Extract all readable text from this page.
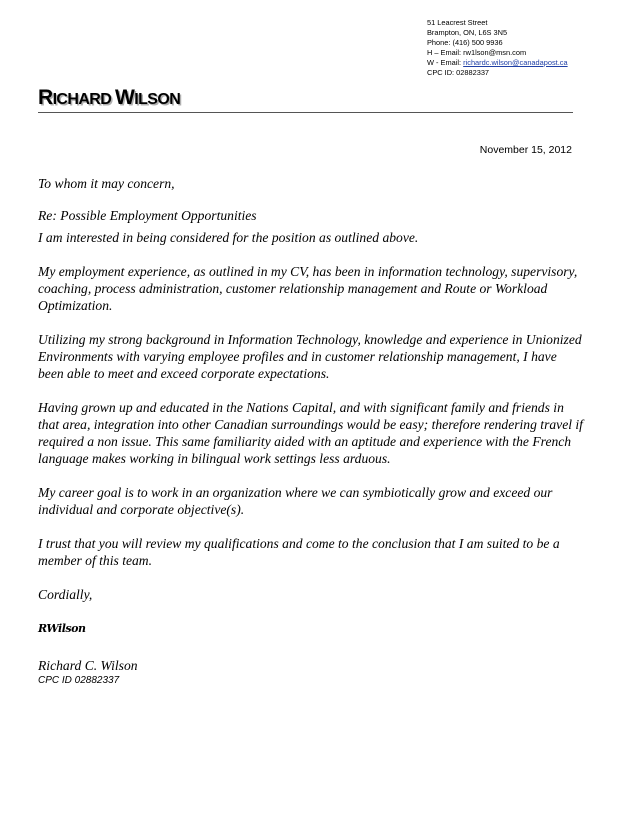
51 Leacrest Street
Brampton, ON, L6S 3N5
Phone: (416) 500 9936
H – Email: rw1lson@msn.com
W - Email: richardc.wilson@canadapost.ca
CPC ID: 02882337
RICHARD WILSON
November 15, 2012

To whom it may concern,

Re: Possible Employment Opportunities

I am interested in being considered for the position as outlined above.

My employment experience, as outlined in my CV, has been in information technology, supervisory, coaching, process administration, customer relationship management and Route or Workload Optimization.

Utilizing my strong background in Information Technology, knowledge and experience in Unionized Environments with varying employee profiles and in customer relationship management, I have been able to meet and exceed corporate expectations.

Having grown up and educated in the Nations Capital, and with significant family and friends in that area, integration into other Canadian surroundings would be easy; therefore rendering travel if required a non issue. This same familiarity aided with an aptitude and experience with the French language makes working in bilingual work settings less arduous.

My career goal is to work in an organization where we can symbiotically grow and exceed our individual and corporate objective(s).

I trust that you will review my qualifications and come to the conclusion that I am suited to be a member of this team.

Cordially,

RWilson

Richard C. Wilson

CPC ID 02882337
